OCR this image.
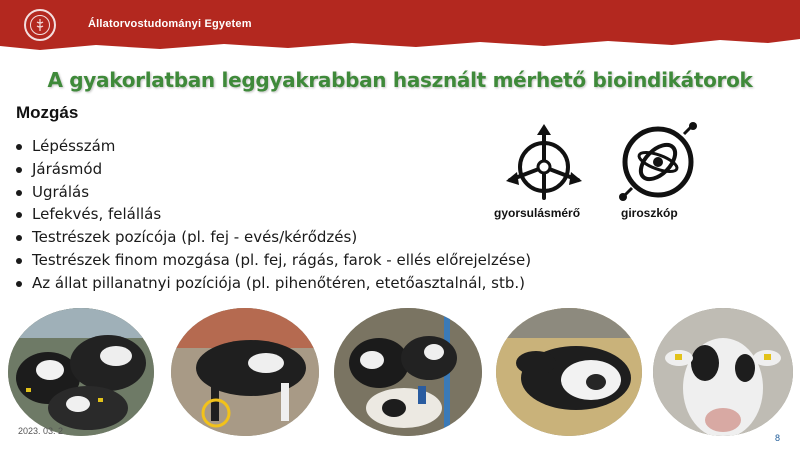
Állatorvostudományi Egyetem
A gyakorlatban leggyakrabban használt mérhető bioindikátorok
Mozgás
Lépésszám
Járásmód
Ugrálás
Lefekvés, felállás
Testrészek pozícója (pl. fej - evés/kérődzés)
Testrészek finom mozgása (pl. fej, rágás, farok - ellés előrejelzése)
Az állat pillanatnyi pozíciója (pl. pihenőtéren, etetőasztalnál, stb.)
gyorsulásmérő	giroszkóp
2023. 03. 2
8
